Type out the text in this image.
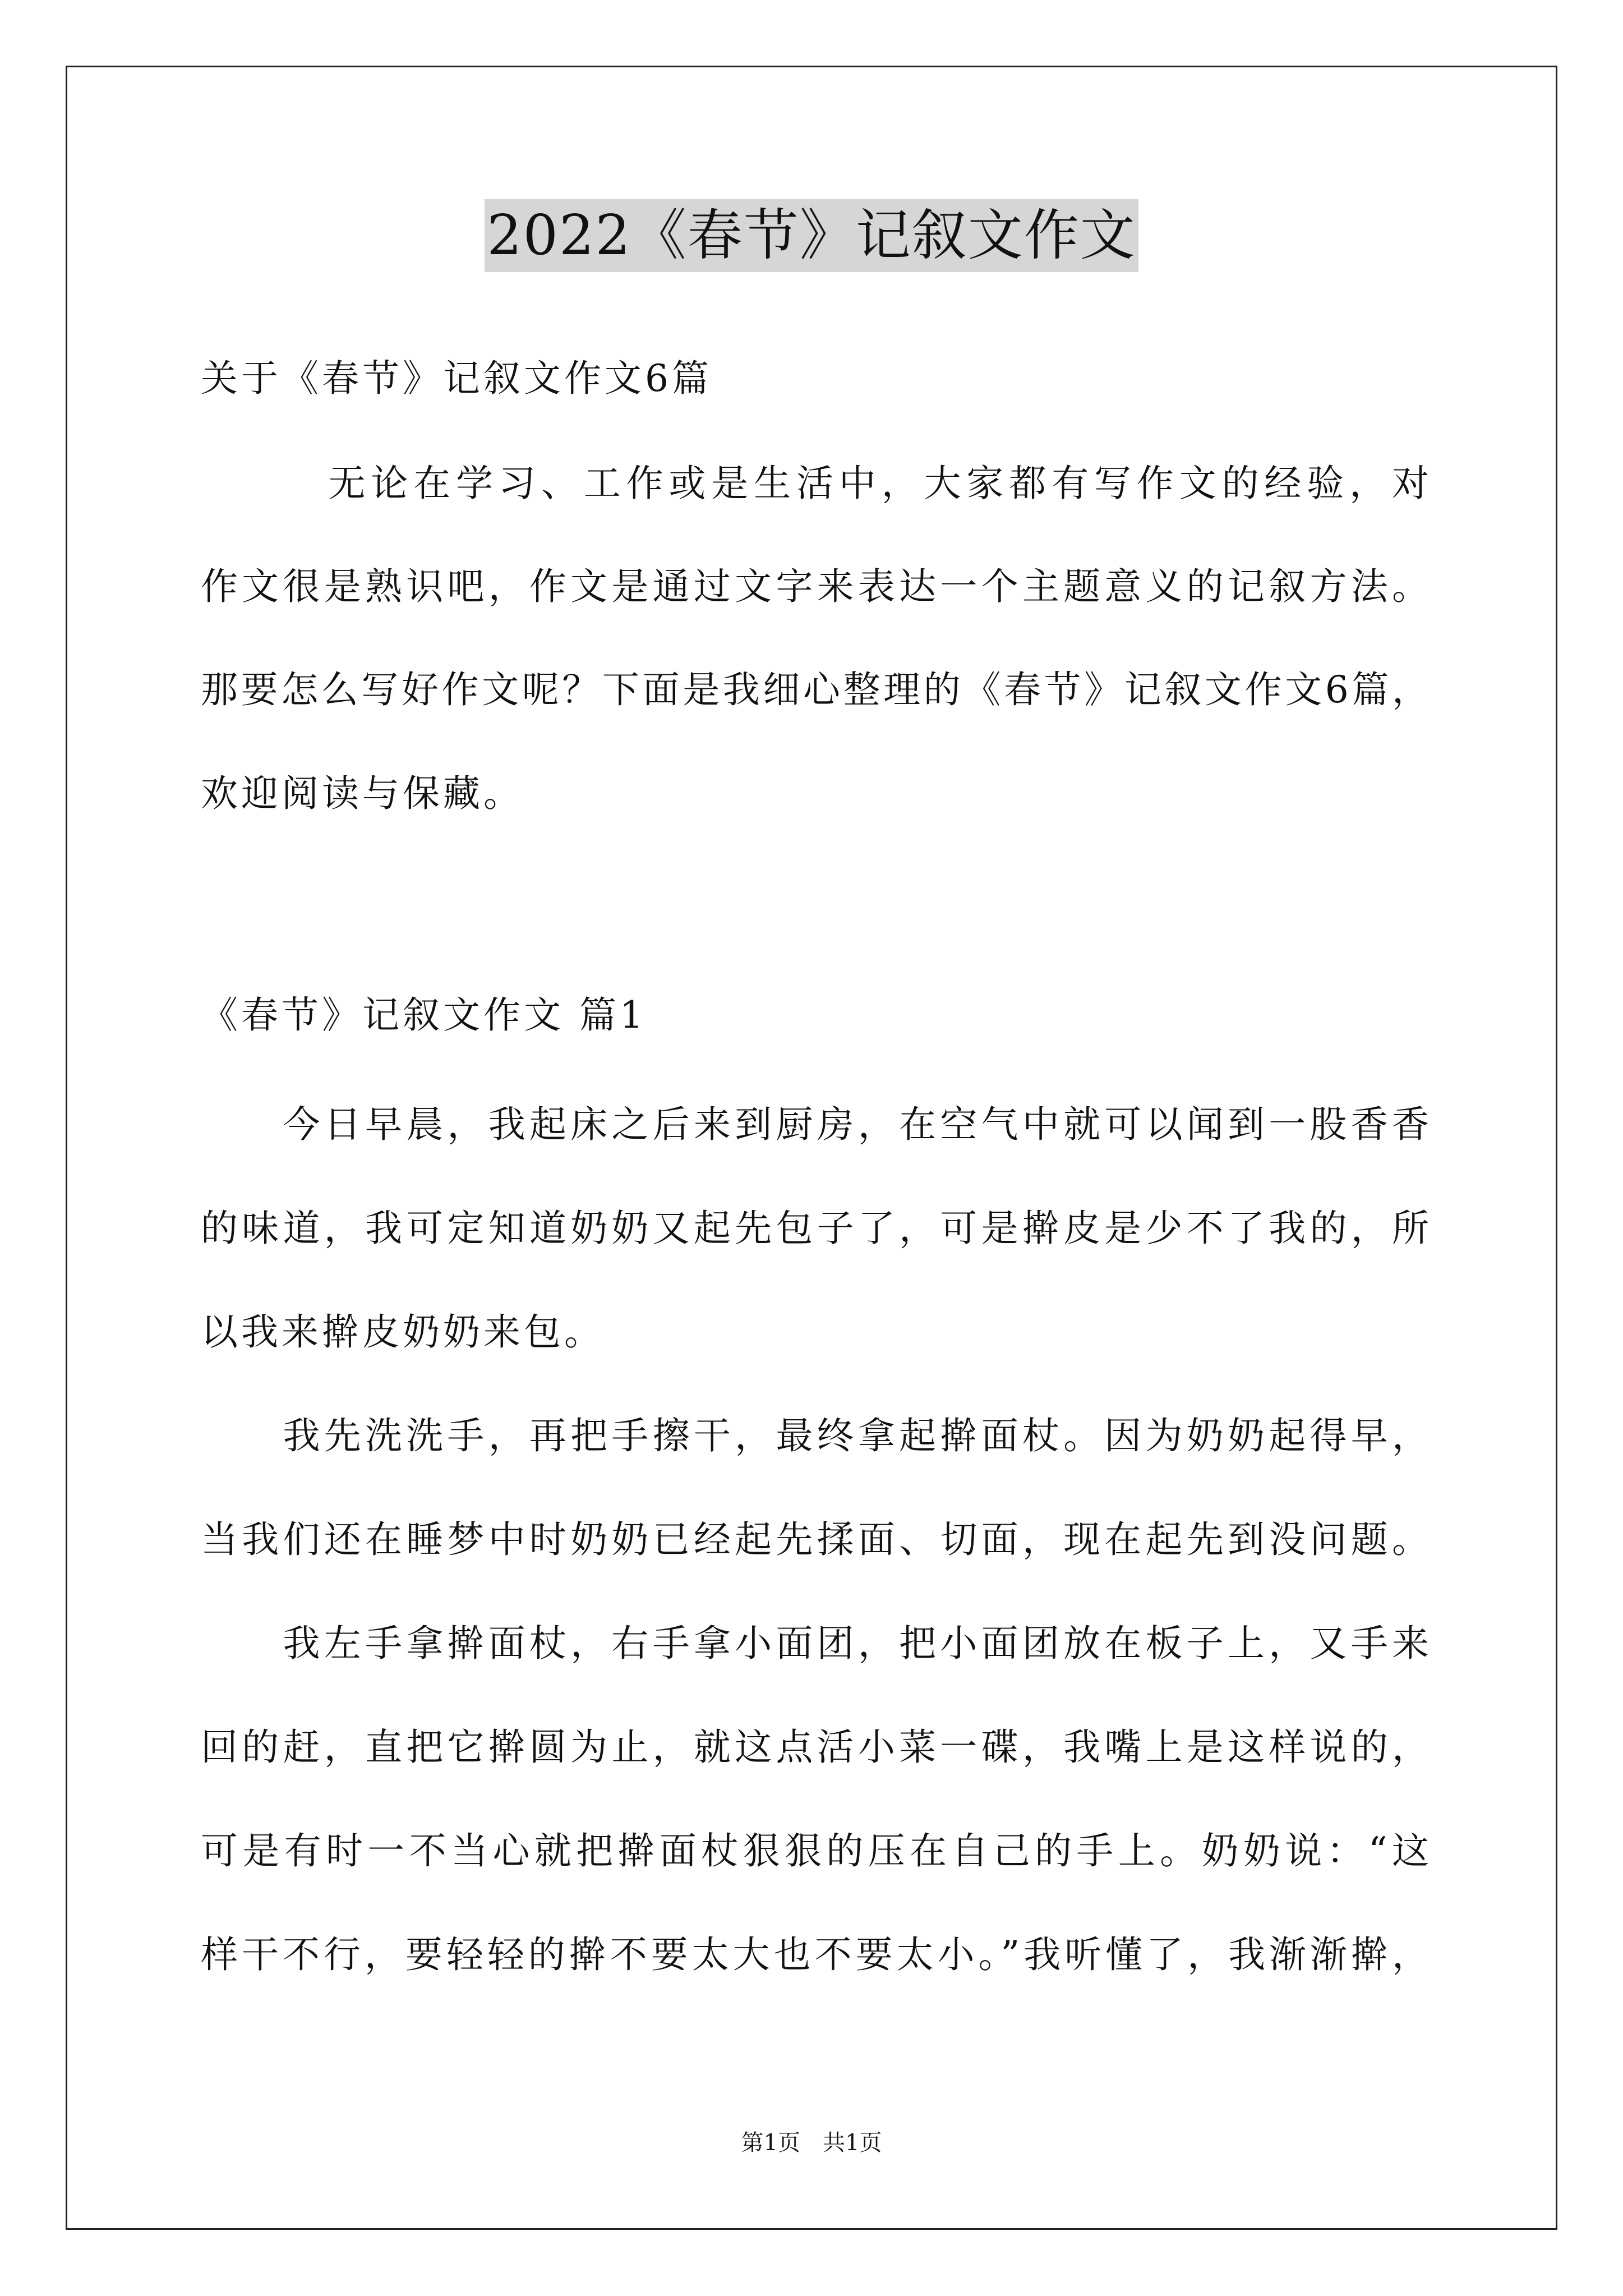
2022《春节》记叙文作文
关于《春节》记叙文作文6篇
　　　无论在学习、工作或是生活中，大家都有写作文的经验，对
作文很是熟识吧，作文是通过文字来表达一个主题意义的记叙方法。
那要怎么写好作文呢？下面是我细心整理的《春节》记叙文作文6篇，
欢迎阅读与保藏。
《春节》记叙文作文 篇1
　　今日早晨，我起床之后来到厨房，在空气中就可以闻到一股香香
的味道，我可定知道奶奶又起先包子了，可是擀皮是少不了我的，所
以我来擀皮奶奶来包。
　　我先洗洗手，再把手擦干，最终拿起擀面杖。因为奶奶起得早，
当我们还在睡梦中时奶奶已经起先揉面、切面，现在起先到没问题。
　　我左手拿擀面杖，右手拿小面团，把小面团放在板子上，又手来
回的赶，直把它擀圆为止，就这点活小菜一碟，我嘴上是这样说的，
可是有时一不当心就把擀面杖狠狠的压在自己的手上。奶奶说：“这
样干不行，要轻轻的擀不要太大也不要太小。”我听懂了，我渐渐擀，
第1页　共1页
